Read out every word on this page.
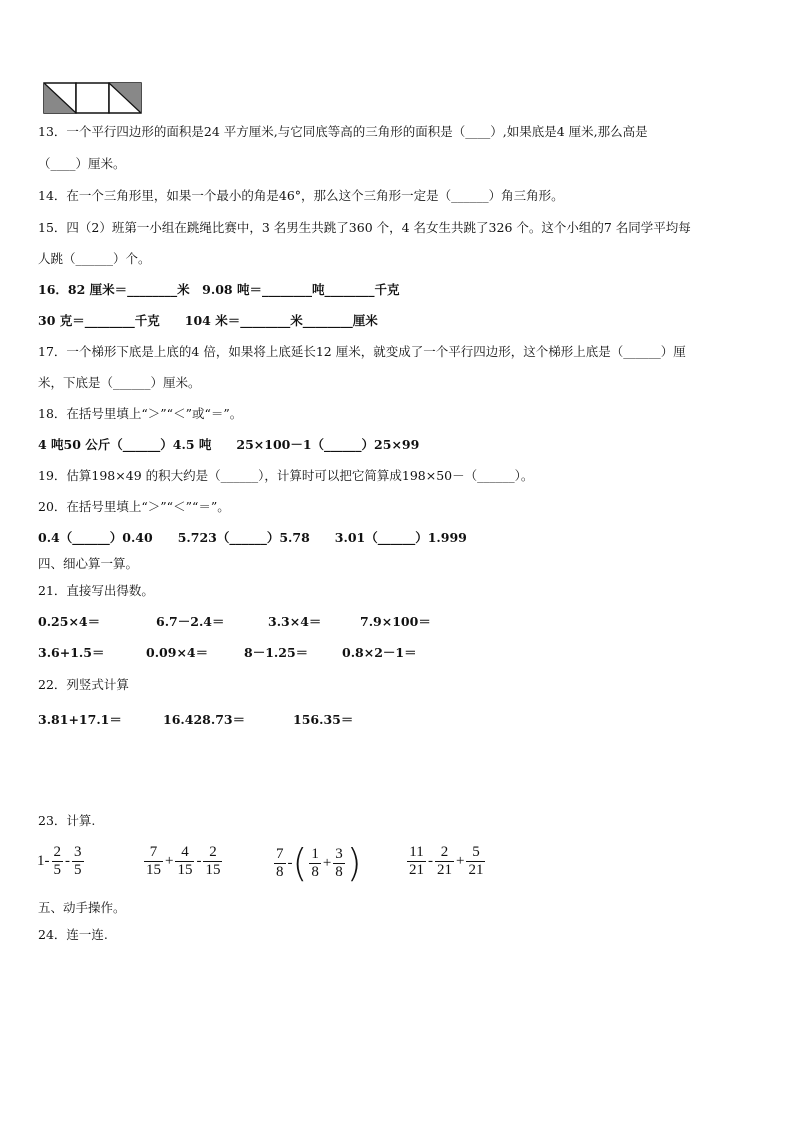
13．一个平行四边形的面积是24 平方厘米,与它同底等高的三角形的面积是（____）,如果底是4 厘米,那么高是
（____）厘米。
14．在一个三角形里，如果一个最小的角是46°，那么这个三角形一定是（______）角三角形。
15．四（2）班第一小组在跳绳比赛中，3 名男生共跳了360 个，4 名女生共跳了326 个。这个小组的7 名同学平均每
人跳（______）个。
16．82 厘米＝________米　9.08 吨＝________吨________千克
30 克＝________千克　　104 米＝________米________厘米
17．一个梯形下底是上底的4 倍，如果将上底延长12 厘米，就变成了一个平行四边形，这个梯形上底是（______）厘
米，下底是（______）厘米。
18．在括号里填上“＞”“＜”或“＝”。
4 吨50 公斤（______）4.5 吨　　25×100－1（______）25×99
19．估算198×49 的积大约是（______），计算时可以把它简算成198×50－（______）。
20．在括号里填上“＞”“＜”“＝”。
0.4（______）0.40　　5.723（______）5.78　　3.01（______）1.999
四、细心算一算。
21．直接写出得数。
0.25×4＝	6.7－2.4＝	3.3×4＝	7.9×100＝
3.6+1.5＝	0.09×4＝	8－1.25＝	0.8×2－1＝
22．列竖式计算
3.81+17.1＝	16.428.73＝	156.35＝
23．计算.
$1 - \frac{2}{5} - \frac{3}{5}$	$\frac{7}{15} + \frac{4}{15} - \frac{2}{15}$	$\frac{7}{8}$ - ( $\frac{1}{8} + \frac{3}{8}$ )	$\frac{11}{21} - \frac{2}{21} + \frac{5}{21}$
五、动手操作。
24．连一连.
